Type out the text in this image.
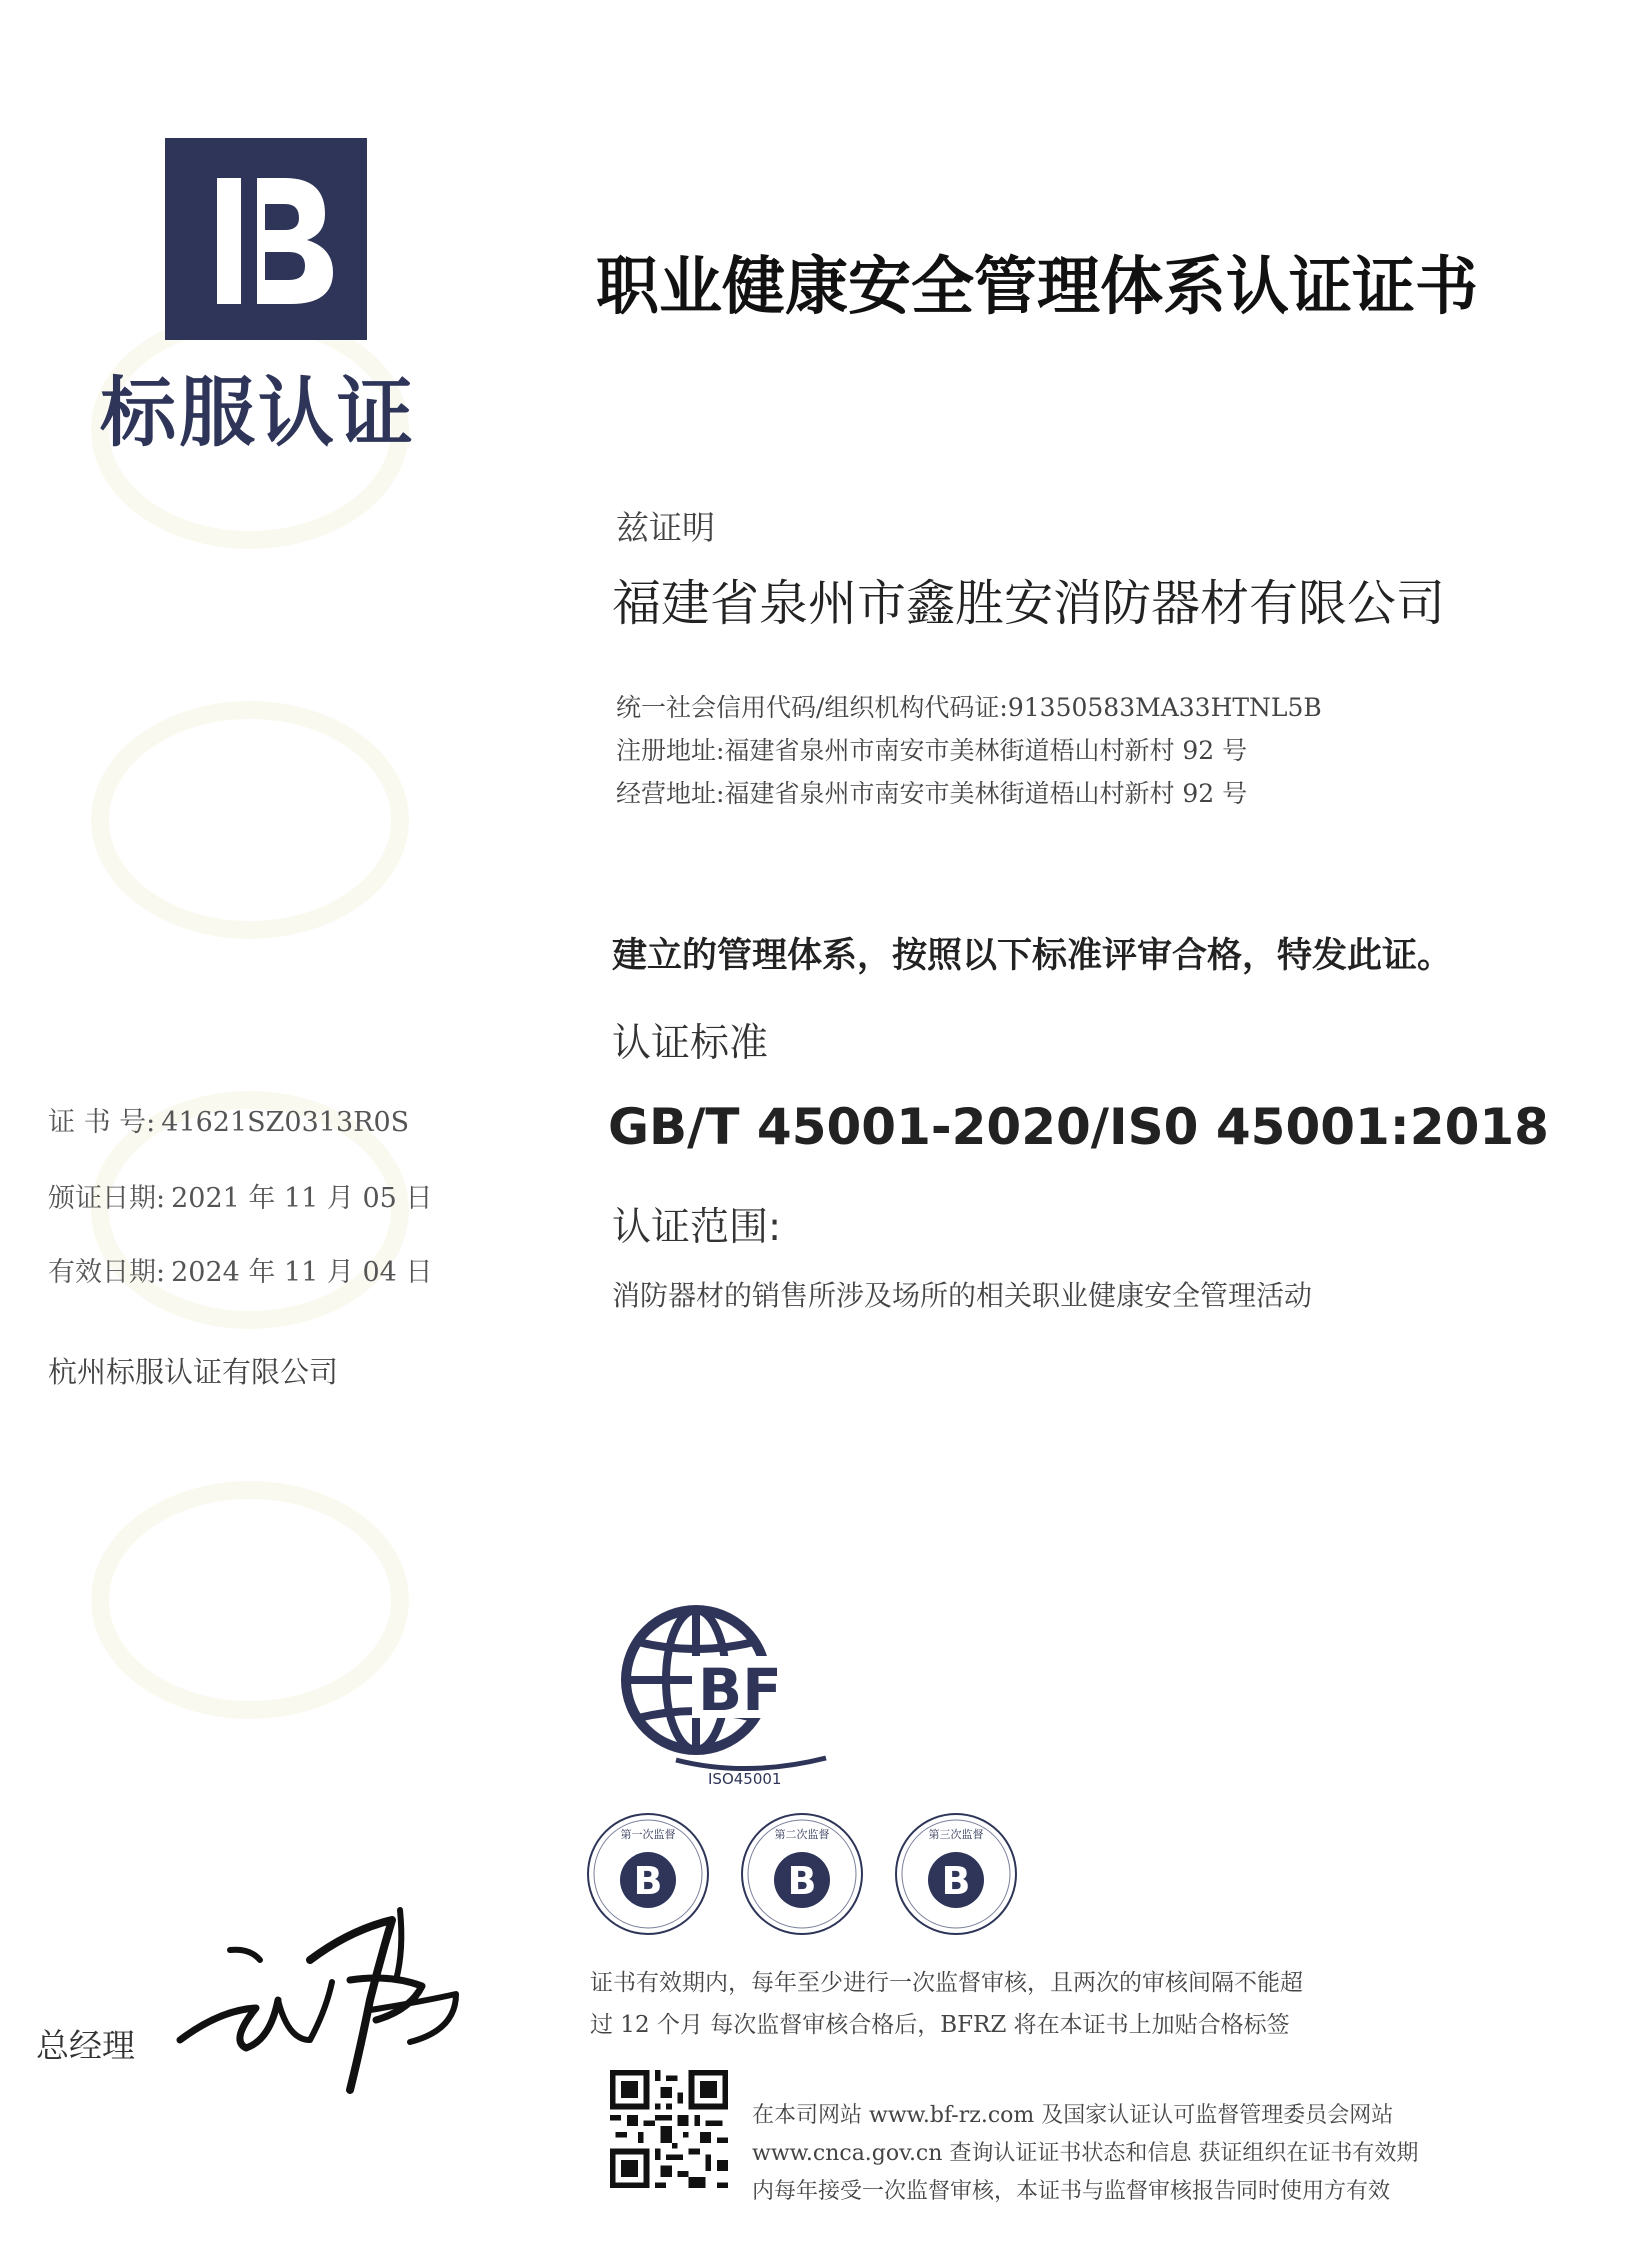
标服认证
职业健康安全管理体系认证证书
兹证明
福建省泉州市鑫胜安消防器材有限公司
统一社会信用代码/组织机构代码证:91350583MA33HTNL5B
注册地址:福建省泉州市南安市美林街道梧山村新村 92 号
经营地址:福建省泉州市南安市美林街道梧山村新村 92 号
建立的管理体系，按照以下标准评审合格，特发此证。
认证标准
GB/T 45001-2020/IS0 45001:2018
认证范围:
消防器材的销售所涉及场所的相关职业健康安全管理活动
证 书 号: 41621SZ0313R0S
颁证日期: 2021 年 11 月 05 日
有效日期: 2024 年 11 月 04 日
杭州标服认证有限公司
BF
ISO45001
第一次监督
B
第二次监督
B
第三次监督
B
证书有效期内，每年至少进行一次监督审核，且两次的审核间隔不能超
过 12 个月 每次监督审核合格后，BFRZ 将在本证书上加贴合格标签
在本司网站 www.bf-rz.com 及国家认证认可监督管理委员会网站
www.cnca.gov.cn 查询认证证书状态和信息 获证组织在证书有效期
内每年接受一次监督审核，本证书与监督审核报告同时使用方有效
总经理
